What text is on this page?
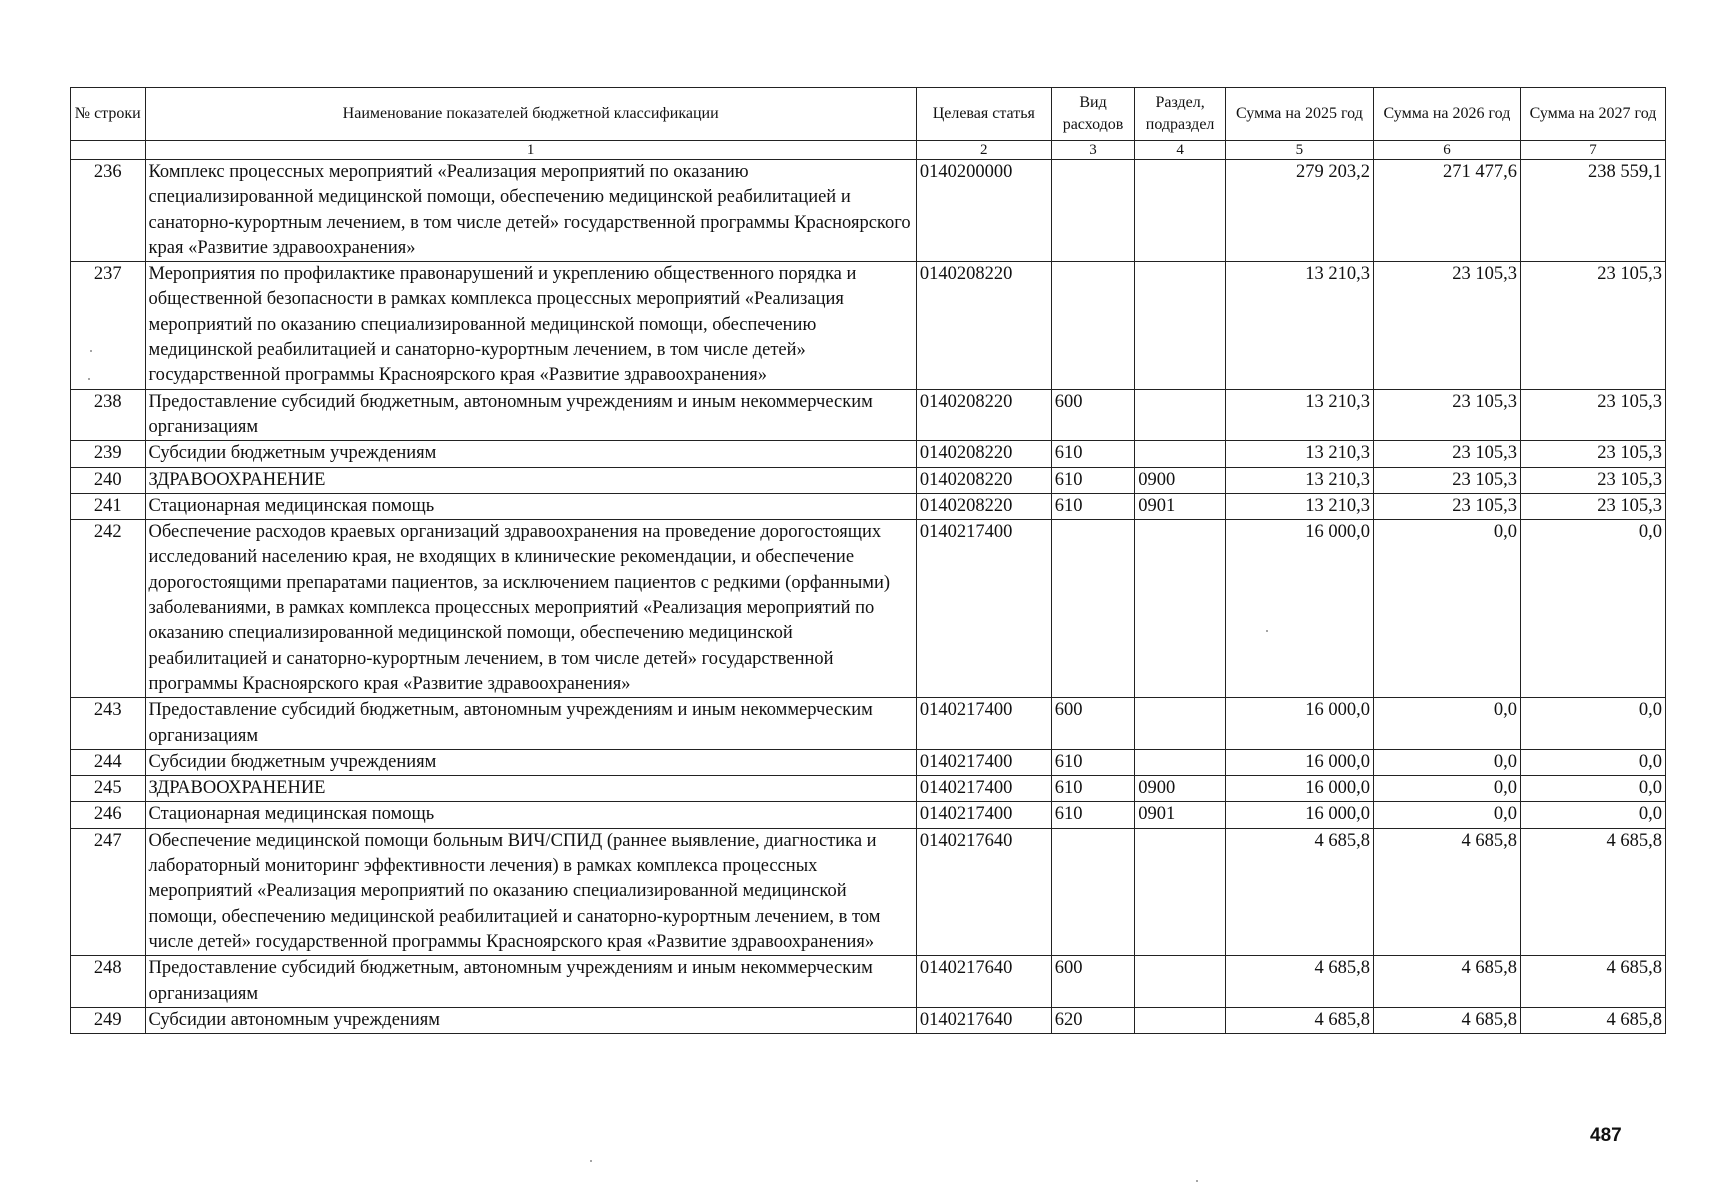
№ строки	Наименование показателей бюджетной классификации	Целевая статья	Вид расходов	Раздел, подраздел	Сумма на 2025 год	Сумма на 2026 год	Сумма на 2027 год
	1	2	3	4	5	6	7
236	Комплекс процессных мероприятий «Реализация мероприятий по оказанию специализированной медицинской помощи, обеспечению медицинской реабилитацией и санаторно-курортным лечением, в том числе детей» государственной программы Красноярского края «Развитие здравоохранения»	0140200000			279 203,2	271 477,6	238 559,1
237	Мероприятия по профилактике правонарушений и укреплению общественного порядка и общественной безопасности в рамках комплекса процессных мероприятий «Реализация мероприятий по оказанию специализированной медицинской помощи, обеспечению медицинской реабилитацией и санаторно-курортным лечением, в том числе детей» государственной программы Красноярского края «Развитие здравоохранения»	0140208220			13 210,3	23 105,3	23 105,3
238	Предоставление субсидий бюджетным, автономным учреждениям и иным некоммерческим организациям	0140208220	600		13 210,3	23 105,3	23 105,3
239	Субсидии бюджетным учреждениям	0140208220	610		13 210,3	23 105,3	23 105,3
240	ЗДРАВООХРАНЕНИЕ	0140208220	610	0900	13 210,3	23 105,3	23 105,3
241	Стационарная медицинская помощь	0140208220	610	0901	13 210,3	23 105,3	23 105,3
242	Обеспечение расходов краевых организаций здравоохранения на проведение дорогостоящих исследований населению края, не входящих в клинические рекомендации, и обеспечение дорогостоящими препаратами пациентов, за исключением пациентов с редкими (орфанными) заболеваниями, в рамках комплекса процессных мероприятий «Реализация мероприятий по оказанию специализированной медицинской помощи, обеспечению медицинской реабилитацией и санаторно-курортным лечением, в том числе детей» государственной программы Красноярского края «Развитие здравоохранения»	0140217400			16 000,0	0,0	0,0
243	Предоставление субсидий бюджетным, автономным учреждениям и иным некоммерческим организациям	0140217400	600		16 000,0	0,0	0,0
244	Субсидии бюджетным учреждениям	0140217400	610		16 000,0	0,0	0,0
245	ЗДРАВООХРАНЕНИЕ	0140217400	610	0900	16 000,0	0,0	0,0
246	Стационарная медицинская помощь	0140217400	610	0901	16 000,0	0,0	0,0
247	Обеспечение медицинской помощи больным ВИЧ/СПИД (раннее выявление, диагностика и лабораторный мониторинг эффективности лечения) в рамках комплекса процессных мероприятий «Реализация мероприятий по оказанию специализированной медицинской помощи, обеспечению медицинской реабилитацией и санаторно-курортным лечением, в том числе детей» государственной программы Красноярского края «Развитие здравоохранения»	0140217640			4 685,8	4 685,8	4 685,8
248	Предоставление субсидий бюджетным, автономным учреждениям и иным некоммерческим организациям	0140217640	600		4 685,8	4 685,8	4 685,8
249	Субсидии автономным учреждениям	0140217640	620		4 685,8	4 685,8	4 685,8
487
